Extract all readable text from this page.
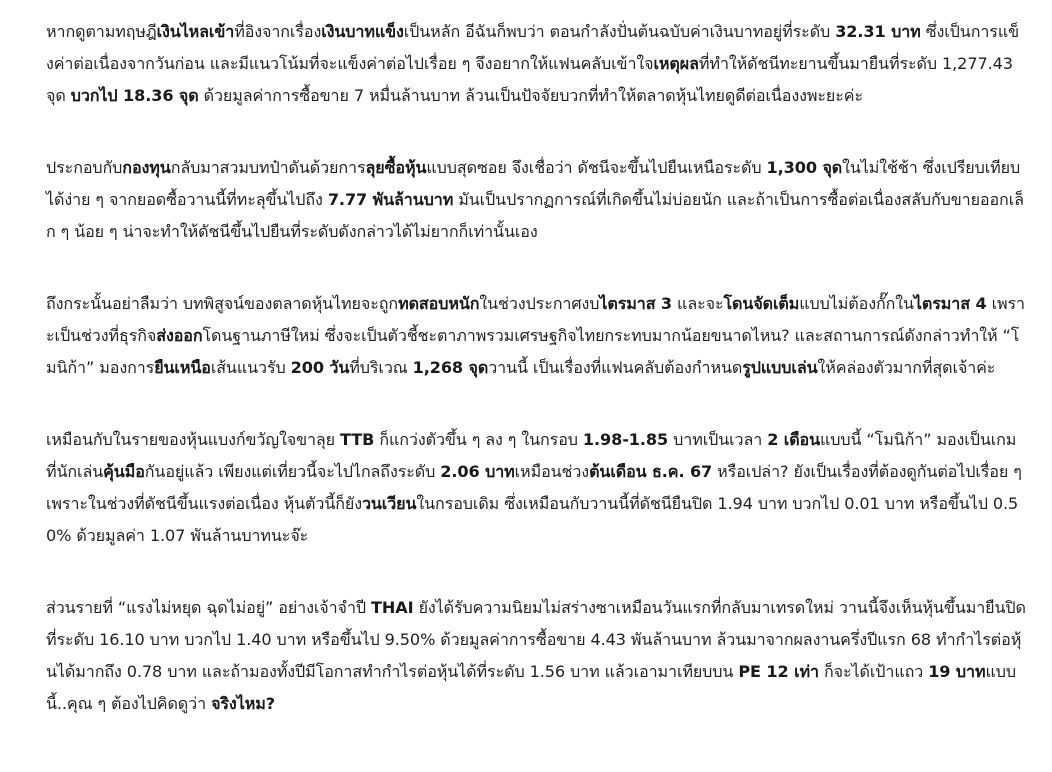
หากดูตามทฤษฎีเงินไหลเข้าที่อิงจากเรื่องเงินบาทแข็งเป็นหลัก อีฉันก็พบว่า ตอนกำลังปั่นต้นฉบับค่าเงินบาทอยู่ที่ระดับ 32.31 บาท ซึ่งเป็นการแข็งค่าต่อเนื่องจากวันก่อน และมีแนวโน้มที่จะแข็งค่าต่อไปเรื่อย ๆ จึงอยากให้แฟนคลับเข้าใจเหตุผลที่ทำให้ดัชนีทะยานขึ้นมายืนที่ระดับ 1,277.43 จุด บวกไป 18.36 จุด ด้วยมูลค่าการซื้อขาย 7 หมื่นล้านบาท ล้วนเป็นปัจจัยบวกที่ทำให้ตลาดหุ้นไทยดูดีต่อเนื่องงพะยะค่ะ

ประกอบกับกองทุนกลับมาสวมบทป๋าดันด้วยการลุยซื้อหุ้นแบบสุดซอย จึงเชื่อว่า ดัชนีจะขึ้นไปยืนเหนือระดับ 1,300 จุดในไม่ใช้ช้า ซึ่งเปรียบเทียบได้ง่าย ๆ จากยอดซื้อวานนี้ที่ทะลุขึ้นไปถึง 7.77 พันล้านบาท มันเป็นปรากฏการณ์ที่เกิดขึ้นไม่บ่อยนัก และถ้าเป็นการซื้อต่อเนื่องสลับกับขายออกเล็ก ๆ น้อย ๆ น่าจะทำให้ดัชนีขึ้นไปยืนที่ระดับดังกล่าวได้ไม่ยากก็เท่านั้นเอง

ถึงกระนั้นอย่าลืมว่า บทพิสูจน์ของตลาดหุ้นไทยจะถูกทดสอบหนักในช่วงประกาศงบไตรมาส 3 และจะโดนจัดเต็มแบบไม่ต้องกั๊กในไตรมาส 4 เพราะเป็นช่วงที่ธุรกิจส่งออกโดนฐานภาษีใหม่ ซึ่งจะเป็นตัวชี้ชะตาภาพรวมเศรษฐกิจไทยกระทบมากน้อยขนาดไหน? และสถานการณ์ดังกล่าวทำให้ “โมนิก้า” มองการยืนเหนือเส้นแนวรับ 200 วันที่บริเวณ 1,268 จุดวานนี้ เป็นเรื่องที่แฟนคลับต้องกำหนดรูปแบบเล่นให้คล่องตัวมากที่สุดเจ้าค่ะ

เหมือนกับในรายของหุ้นแบงก์ขวัญใจขาลุย TTB ก็แกว่งตัวขึ้น ๆ ลง ๆ ในกรอบ 1.98-1.85 บาทเป็นเวลา 2 เดือนแบบนี้ “โมนิก้า” มองเป็นเกมที่นักเล่นคุ้นมือกันอยู่แล้ว เพียงแต่เที่ยวนี้จะไปไกลถึงระดับ 2.06 บาทเหมือนช่วงต้นเดือน ธ.ค. 67 หรือเปล่า? ยังเป็นเรื่องที่ต้องดูกันต่อไปเรื่อย ๆ เพราะในช่วงที่ดัชนีขึ้นแรงต่อเนื่อง หุ้นตัวนี้ก็ยังวนเวียนในกรอบเดิม ซึ่งเหมือนกับวานนี้ที่ดัชนียืนปิด 1.94 บาท บวกไป 0.01 บาท หรือขึ้นไป 0.50% ด้วยมูลค่า 1.07 พันล้านบาทนะจ๊ะ

ส่วนรายที่ “แรงไม่หยุด ฉุดไม่อยู่” อย่างเจ้าจำปี THAI ยังได้รับความนิยมไม่สร่างซาเหมือนวันแรกที่กลับมาเทรดใหม่ วานนี้จึงเห็นหุ้นขึ้นมายืนปิดที่ระดับ 16.10 บาท บวกไป 1.40 บาท หรือขึ้นไป 9.50% ด้วยมูลค่าการซื้อขาย 4.43 พันล้านบาท ล้วนมาจากผลงานครึ่งปีแรก 68 ทำกำไรต่อหุ้นได้มากถึง 0.78 บาท และถ้ามองทั้งปีมีโอกาสทำกำไรต่อหุ้นได้ที่ระดับ 1.56 บาท แล้วเอามาเทียบบน PE 12 เท่า ก็จะได้เป้าแถว 19 บาทแบบนี้..คุณ ๆ ต้องไปคิดดูว่า จริงไหม?
